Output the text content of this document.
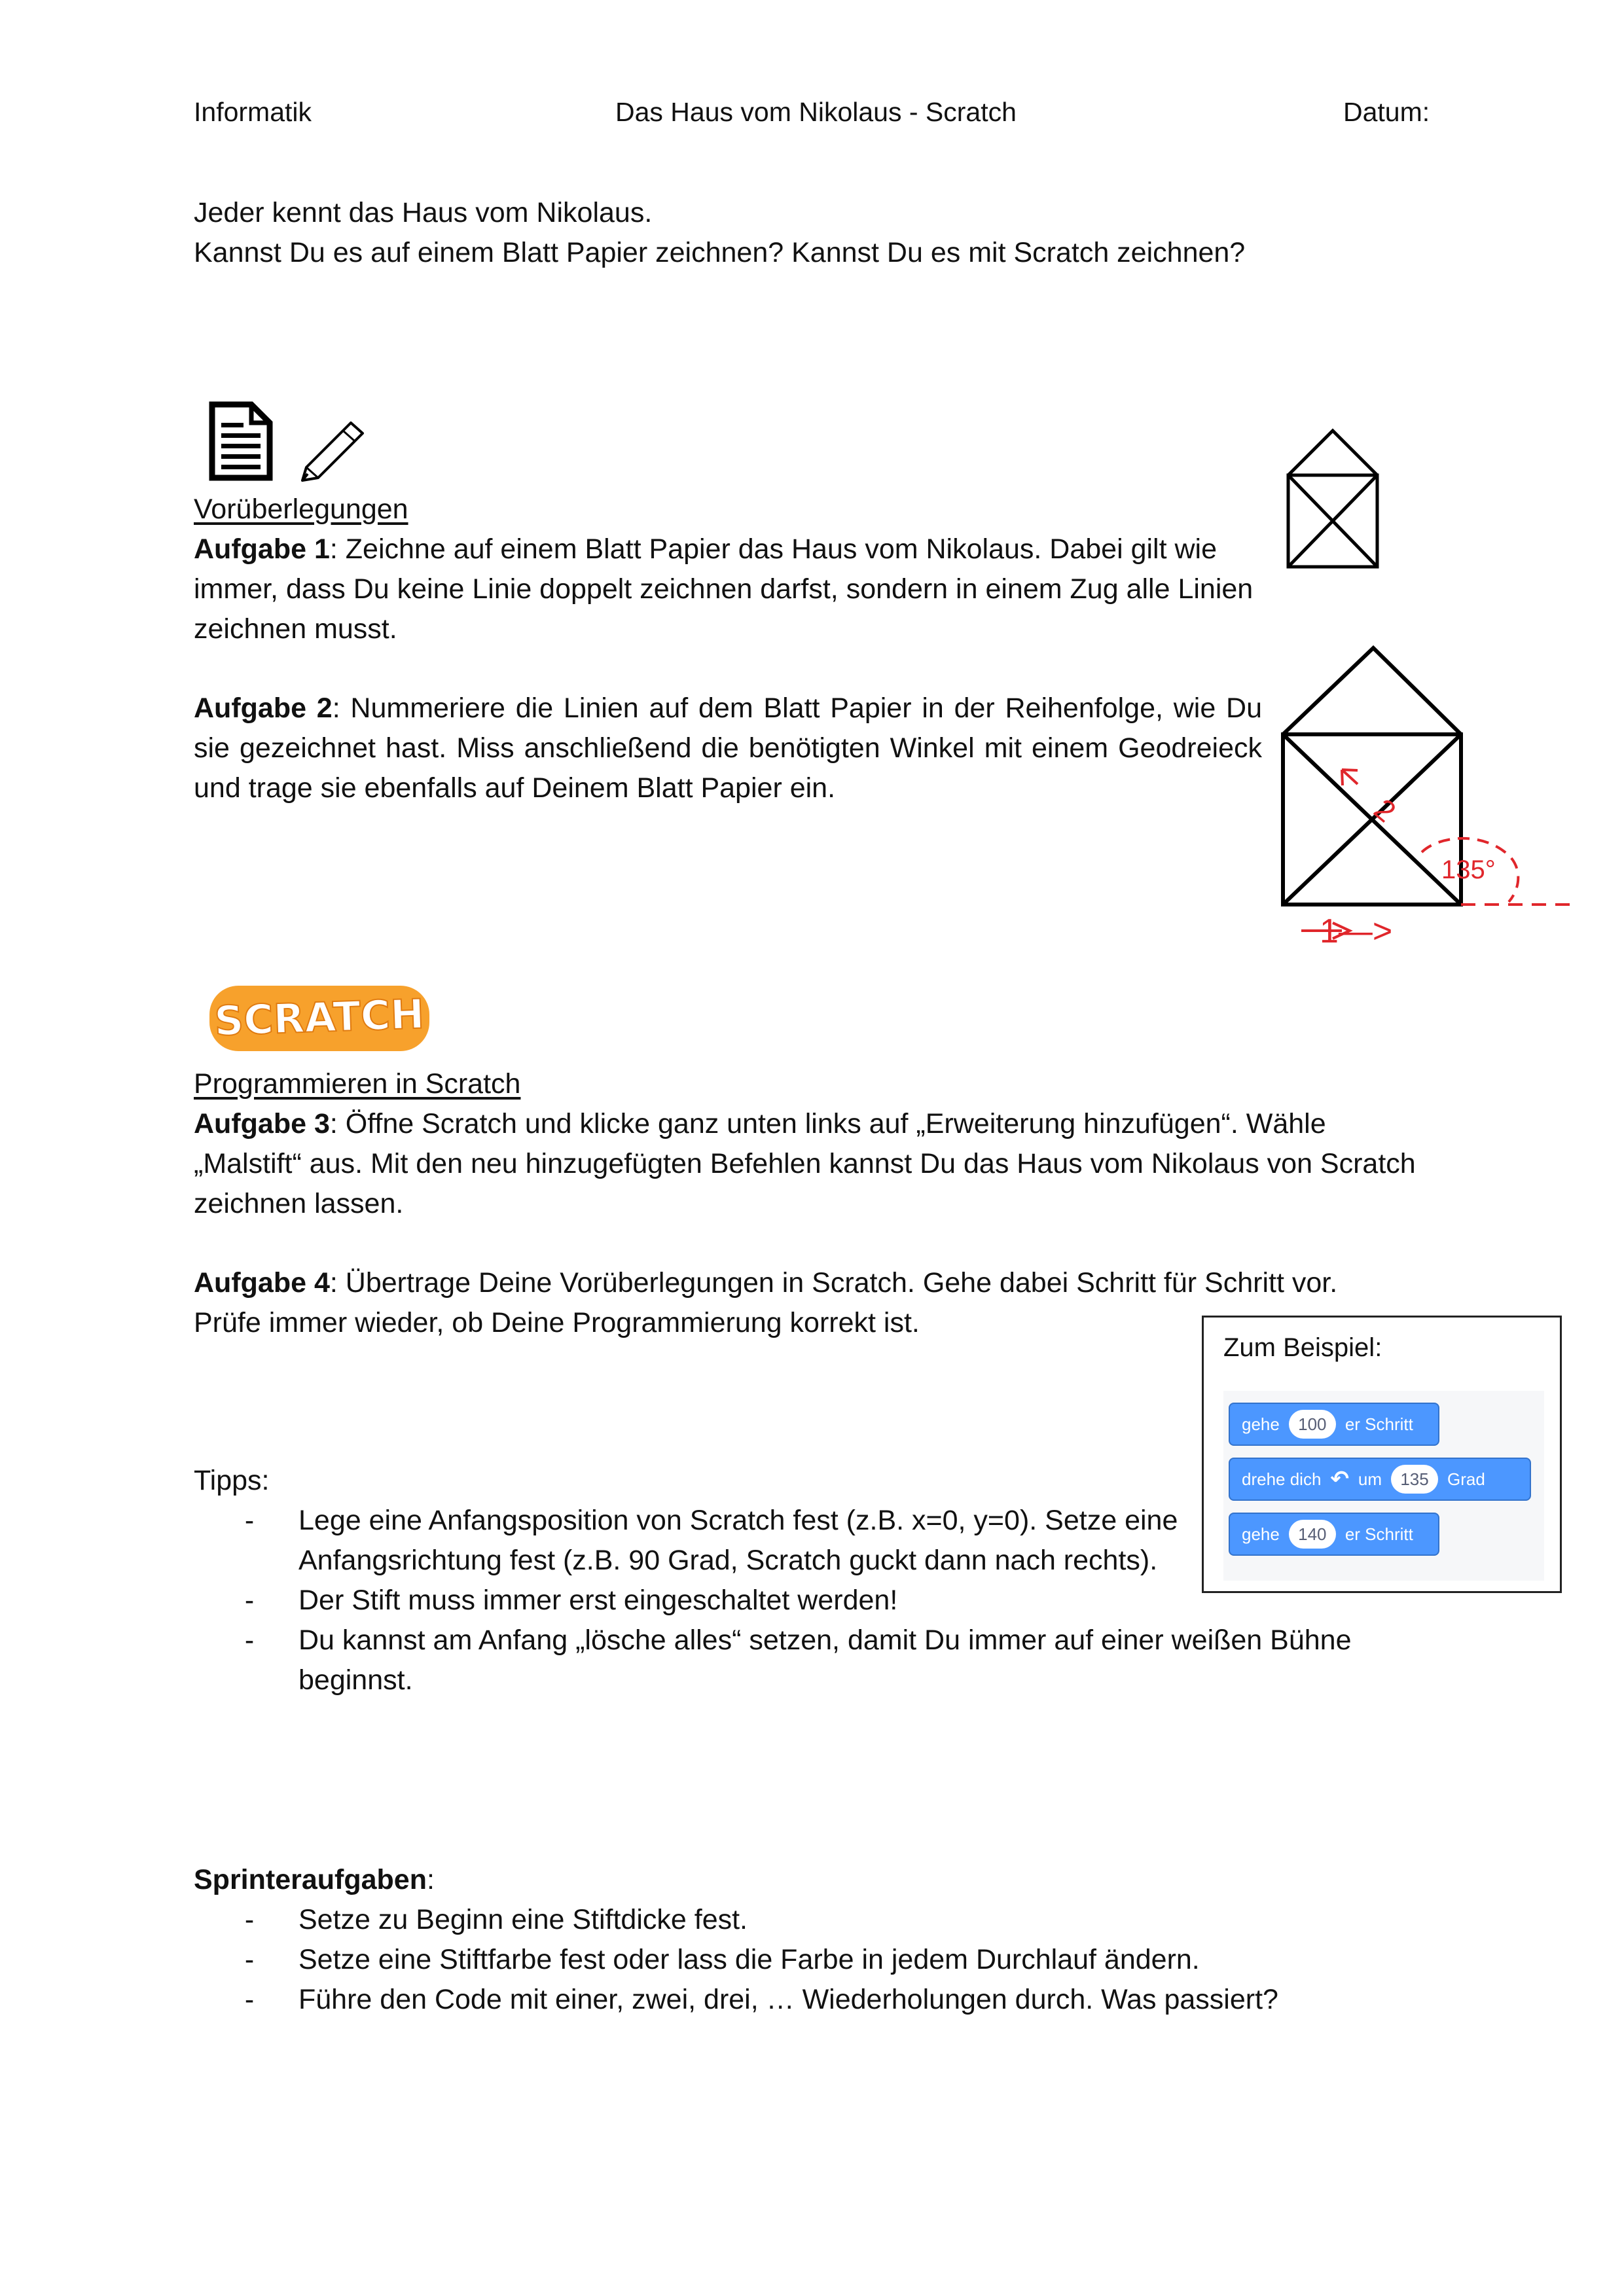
Informatik	Das Haus vom Nikolaus - Scratch	Datum:
Jeder kennt das Haus vom Nikolaus.
Kannst Du es auf einem Blatt Papier zeichnen? Kannst Du es mit Scratch zeichnen?
Vorüberlegungen
Aufgabe 1: Zeichne auf einem Blatt Papier das Haus vom Nikolaus. Dabei gilt wie immer, dass Du keine Linie doppelt zeichnen darfst, sondern in einem Zug alle Linien zeichnen musst.
Aufgabe 2: Nummeriere die Linien auf dem Blatt Papier in der Reihenfolge, wie Du sie gezeichnet hast. Miss anschließend die benötigten Winkel mit einem Geodreieck und trage sie ebenfalls auf Deinem Blatt Papier ein.
2
135°
1—>
SCRATCH
Programmieren in Scratch
Aufgabe 3: Öffne Scratch und klicke ganz unten links auf „Erweiterung hinzufügen“. Wähle „Malstift“ aus. Mit den neu hinzugefügten Befehlen kannst Du das Haus vom Nikolaus von Scratch zeichnen lassen.
Aufgabe 4: Übertrage Deine Vorüberlegungen in Scratch. Gehe dabei Schritt für Schritt vor.
Prüfe immer wieder, ob Deine Programmierung korrekt ist.
Zum Beispiel:
gehe	100	er Schritt
drehe dich ↶ um	135	Grad
gehe	140	er Schritt
Tipps:
-	Lege eine Anfangsposition von Scratch fest (z.B. x=0, y=0). Setze eine Anfangsrichtung fest (z.B. 90 Grad, Scratch guckt dann nach rechts).
-	Der Stift muss immer erst eingeschaltet werden!
-	Du kannst am Anfang „lösche alles“ setzen, damit Du immer auf einer weißen Bühne beginnst.
Sprinteraufgaben:
-	Setze zu Beginn eine Stiftdicke fest.
-	Setze eine Stiftfarbe fest oder lass die Farbe in jedem Durchlauf ändern.
-	Führe den Code mit einer, zwei, drei, … Wiederholungen durch. Was passiert?
